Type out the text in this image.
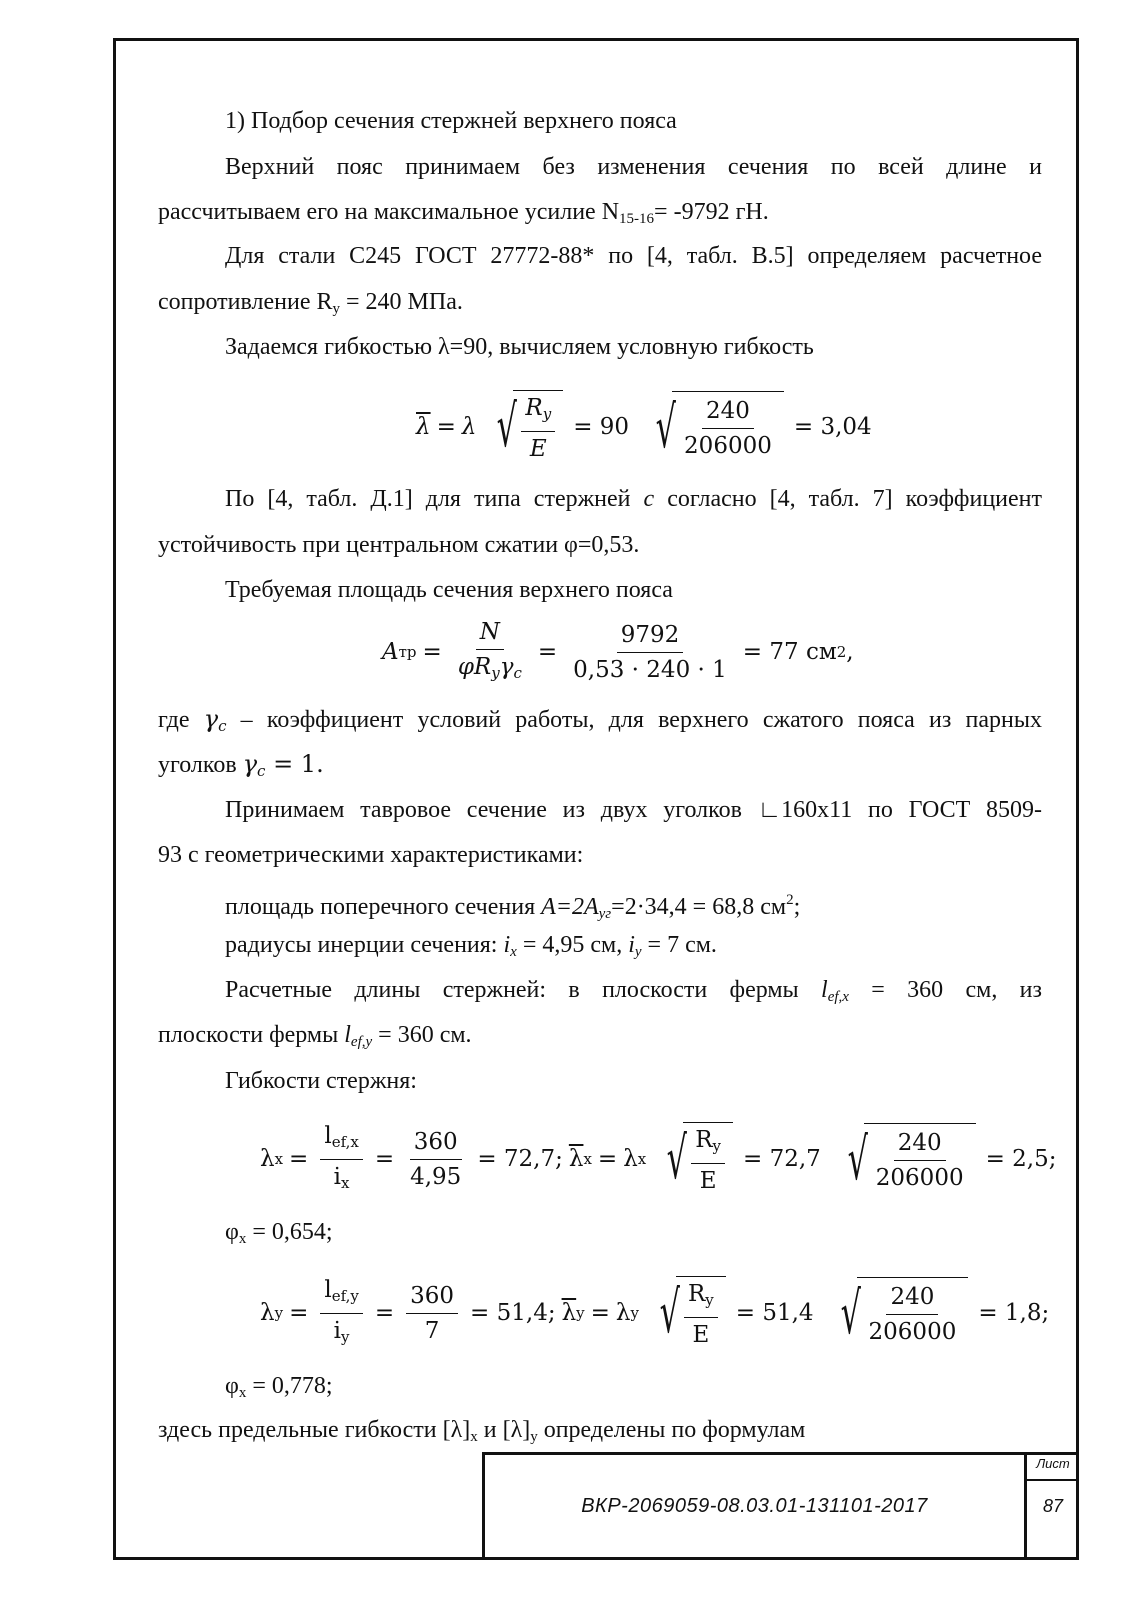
1) Подбор сечения стержней верхнего пояса
Верхний пояс принимаем без изменения сечения по всей длине и
рассчитываем его на максимальное усилие $N_{15-16}= -9792$ гН.
Для стали С245 ГОСТ 27772-88* по [4, табл. В.5] определяем расчетное
сопротивление $R_y = 240$ МПа.
Задаемся гибкостью λ=90, вычисляем условную гибкость
$\overline{\lambda} = \lambda$ √ $\frac{R_y}{E} = 90$ √ $\frac{240}{206000} = 3,04$
По [4, табл. Д.1] для типа стержней с согласно [4, табл. 7] коэффициент
устойчивость при центральном сжатии φ=0,53.
Требуемая площадь сечения верхнего пояса
A тр = $\frac{N}{\varphi R_y\gamma_c} = \frac{9792}{0,53 \cdot 240 \cdot 1} = 77$ см 2 ,
где $\gamma_c$ – коэффициент условий работы, для верхнего сжатого пояса из парных
уголков $\gamma_c = 1$.
Принимаем тавровое сечение из двух уголков ∟160х11 по ГОСТ 8509-
93 с геометрическими характеристиками:
площадь поперечного сечения $A=2A_{уг}=2\cdot 34,4 = 68,8$ $см^2$;
радиусы инерции сечения: $i_x = 4,95$ см, $i_y = 7$ см.
Расчетные длины стержней: в плоскости фермы $l_{ef,x} = 360$ см, из
плоскости фермы $l_{ef,y} = 360$ см.
Гибкости стержня:
λ $x = \frac{l_{ef,x}}{i_x} = \frac{360}{4,95} = 72,7$; $\overline{\lambda}$ x = λ x √ $\frac{R_y}{E} = 72,7$ √ $\frac{240}{206000} = 2,5$;
$\varphi_x = 0,654$;
λ $y = \frac{l_{ef,y}}{i_y} = \frac{360}{7} = 51,4$; $\overline{\lambda}$ y = λ y √ $\frac{R_y}{E} = 51,4$ √ $\frac{240}{206000} = 1,8$;
$\varphi_x = 0,778$;
здесь предельные гибкости $[\lambda]_x$ и $[\lambda]_y$ определены по формулам
ВКР-2069059-08.03.01-131101-2017
Лист
87
